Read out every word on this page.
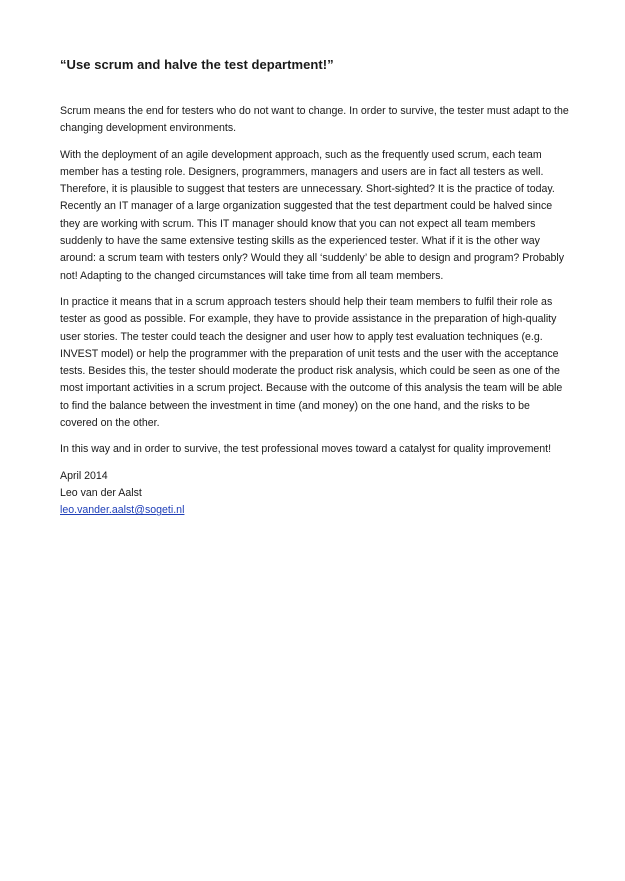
“Use scrum and halve the test department!”

Scrum means the end for testers who do not want to change. In order to survive, the tester must adapt to the changing development environments.

With the deployment of an agile development approach, such as the frequently used scrum, each team member has a testing role. Designers, programmers, managers and users are in fact all testers as well. Therefore, it is plausible to suggest that testers are unnecessary. Short-sighted? It is the practice of today. Recently an IT manager of a large organization suggested that the test department could be halved since they are working with scrum. This IT manager should know that you can not expect all team members suddenly to have the same extensive testing skills as the experienced tester. What if it is the other way around: a scrum team with testers only? Would they all ‘suddenly’ be able to design and program? Probably not! Adapting to the changed circumstances will take time from all team members.

In practice it means that in a scrum approach testers should help their team members to fulfil their role as tester as good as possible. For example, they have to provide assistance in the preparation of high-quality user stories. The tester could teach the designer and user how to apply test evaluation techniques (e.g. INVEST model) or help the programmer with the preparation of unit tests and the user with the acceptance tests. Besides this, the tester should moderate the product risk analysis, which could be seen as one of the most important activities in a scrum project. Because with the outcome of this analysis the team will be able to find the balance between the investment in time (and money) on the one hand, and the risks to be covered on the other.

In this way and in order to survive, the test professional moves toward a catalyst for quality improvement!

April 2014
Leo van der Aalst
leo.vander.aalst@sogeti.nl
